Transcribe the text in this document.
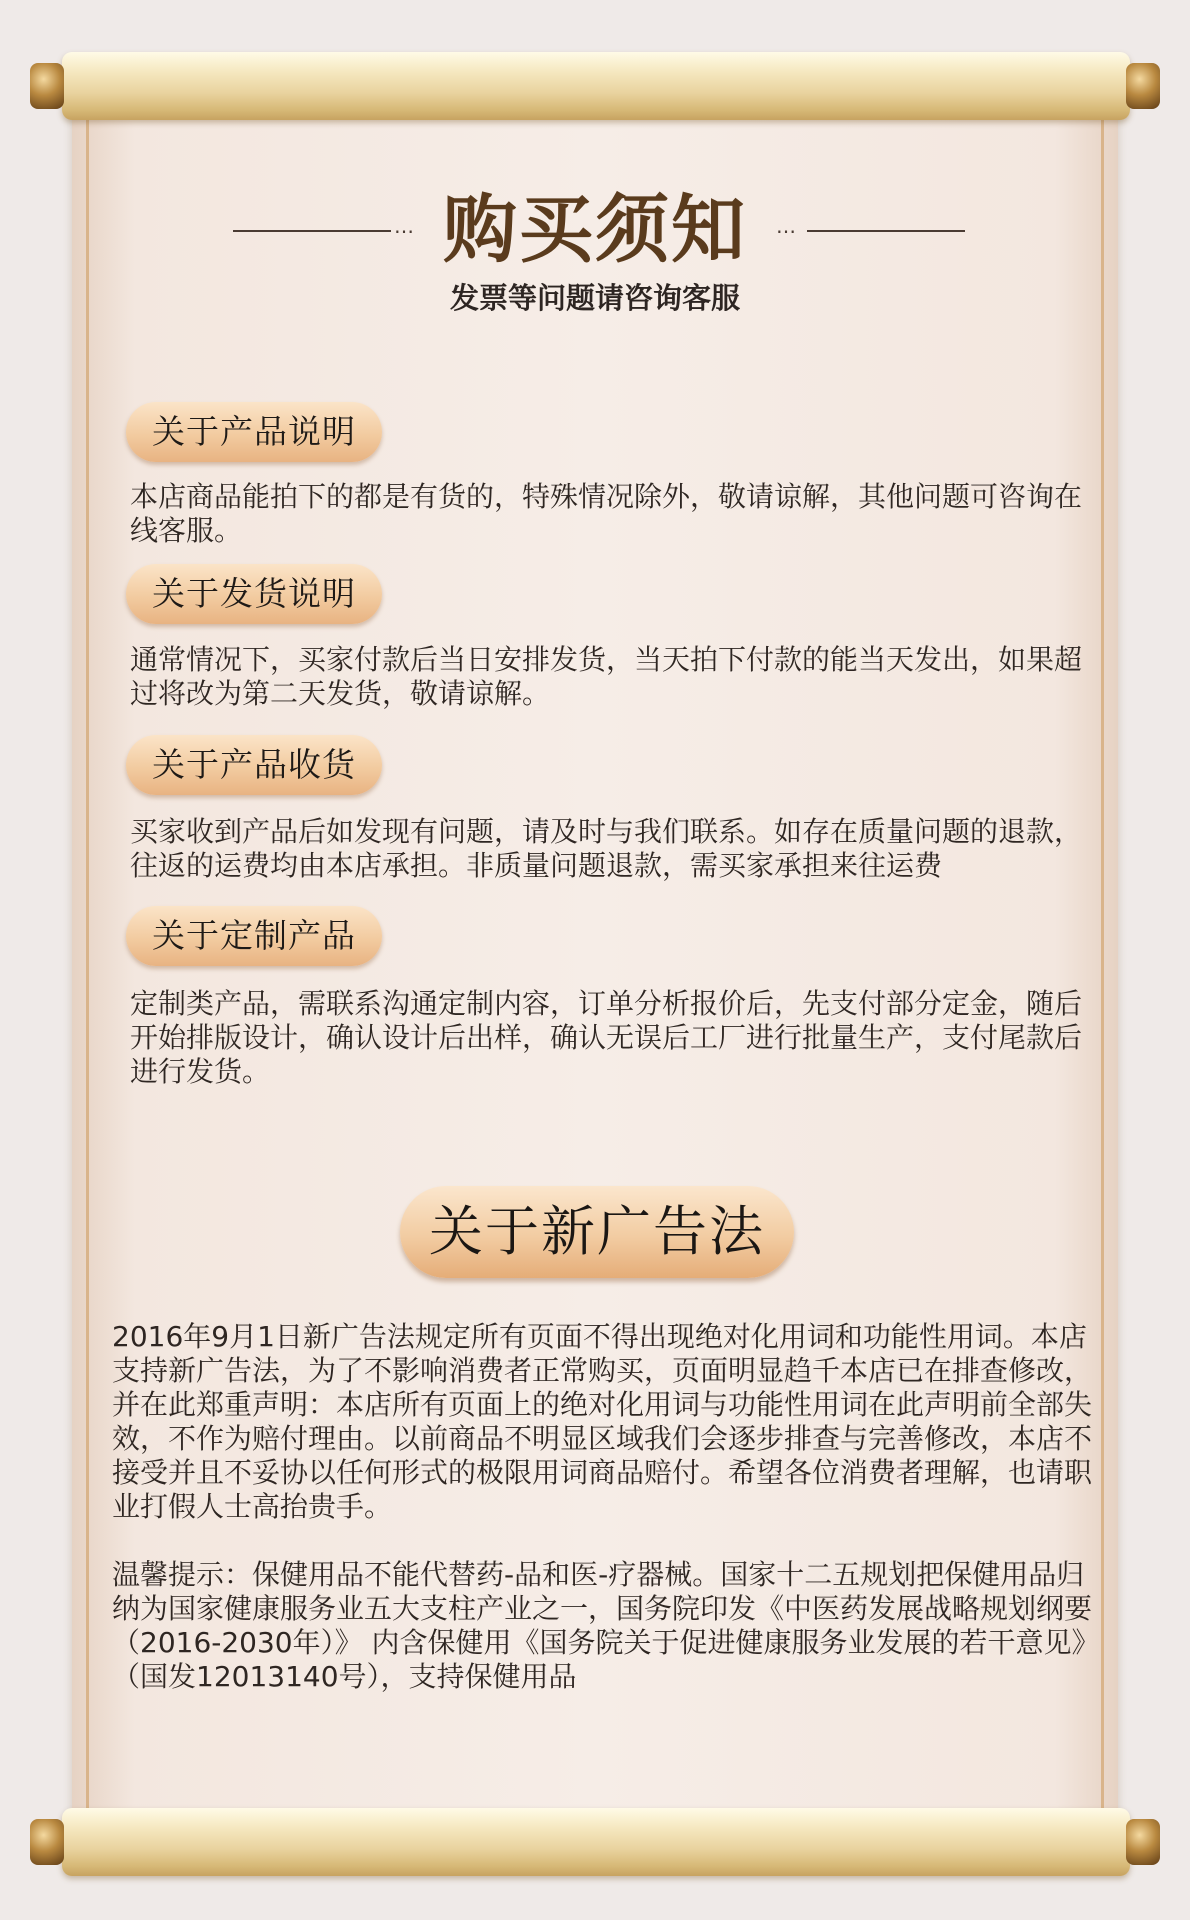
… 购买须知	…
发票等问题请咨询客服
关于产品说明
本店商品能拍下的都是有货的，特殊情况除外，敬请谅解，其他问题可咨询在线客服。
关于发货说明
通常情况下，买家付款后当日安排发货，当天拍下付款的能当天发出，如果超过将改为第二天发货，敬请谅解。
关于产品收货
买家收到产品后如发现有问题，请及时与我们联系。如存在质量问题的退款，往返的运费均由本店承担。非质量问题退款，需买家承担来往运费
关于定制产品
定制类产品，需联系沟通定制内容，订单分析报价后，先支付部分定金，随后开始排版设计，确认设计后出样，确认无误后工厂进行批量生产，支付尾款后进行发货。
关于新广告法
2016年9月1日新广告法规定所有页面不得出现绝对化用词和功能性用词。本店支持新广告法，为了不影响消费者正常购买，页面明显趋千本店已在排查修改，并在此郑重声明：本店所有页面上的绝对化用词与功能性用词在此声明前全部失效，不作为赔付理由。以前商品不明显区域我们会逐步排查与完善修改，本店不接受并且不妥协以任何形式的极限用词商品赔付。希望各位消费者理解，也请职业打假人士高抬贵手。
温馨提示：保健用品不能代替药-品和医-疗器械。国家十二五规划把保健用品归纳为国家健康服务业五大支柱产业之一，国务院印发《中医药发展战略规划纲要 （2016-2030年）》 内含保健用《国务院关于促进健康服务业发展的若干意见》 （国发12013140号），支持保健用品
